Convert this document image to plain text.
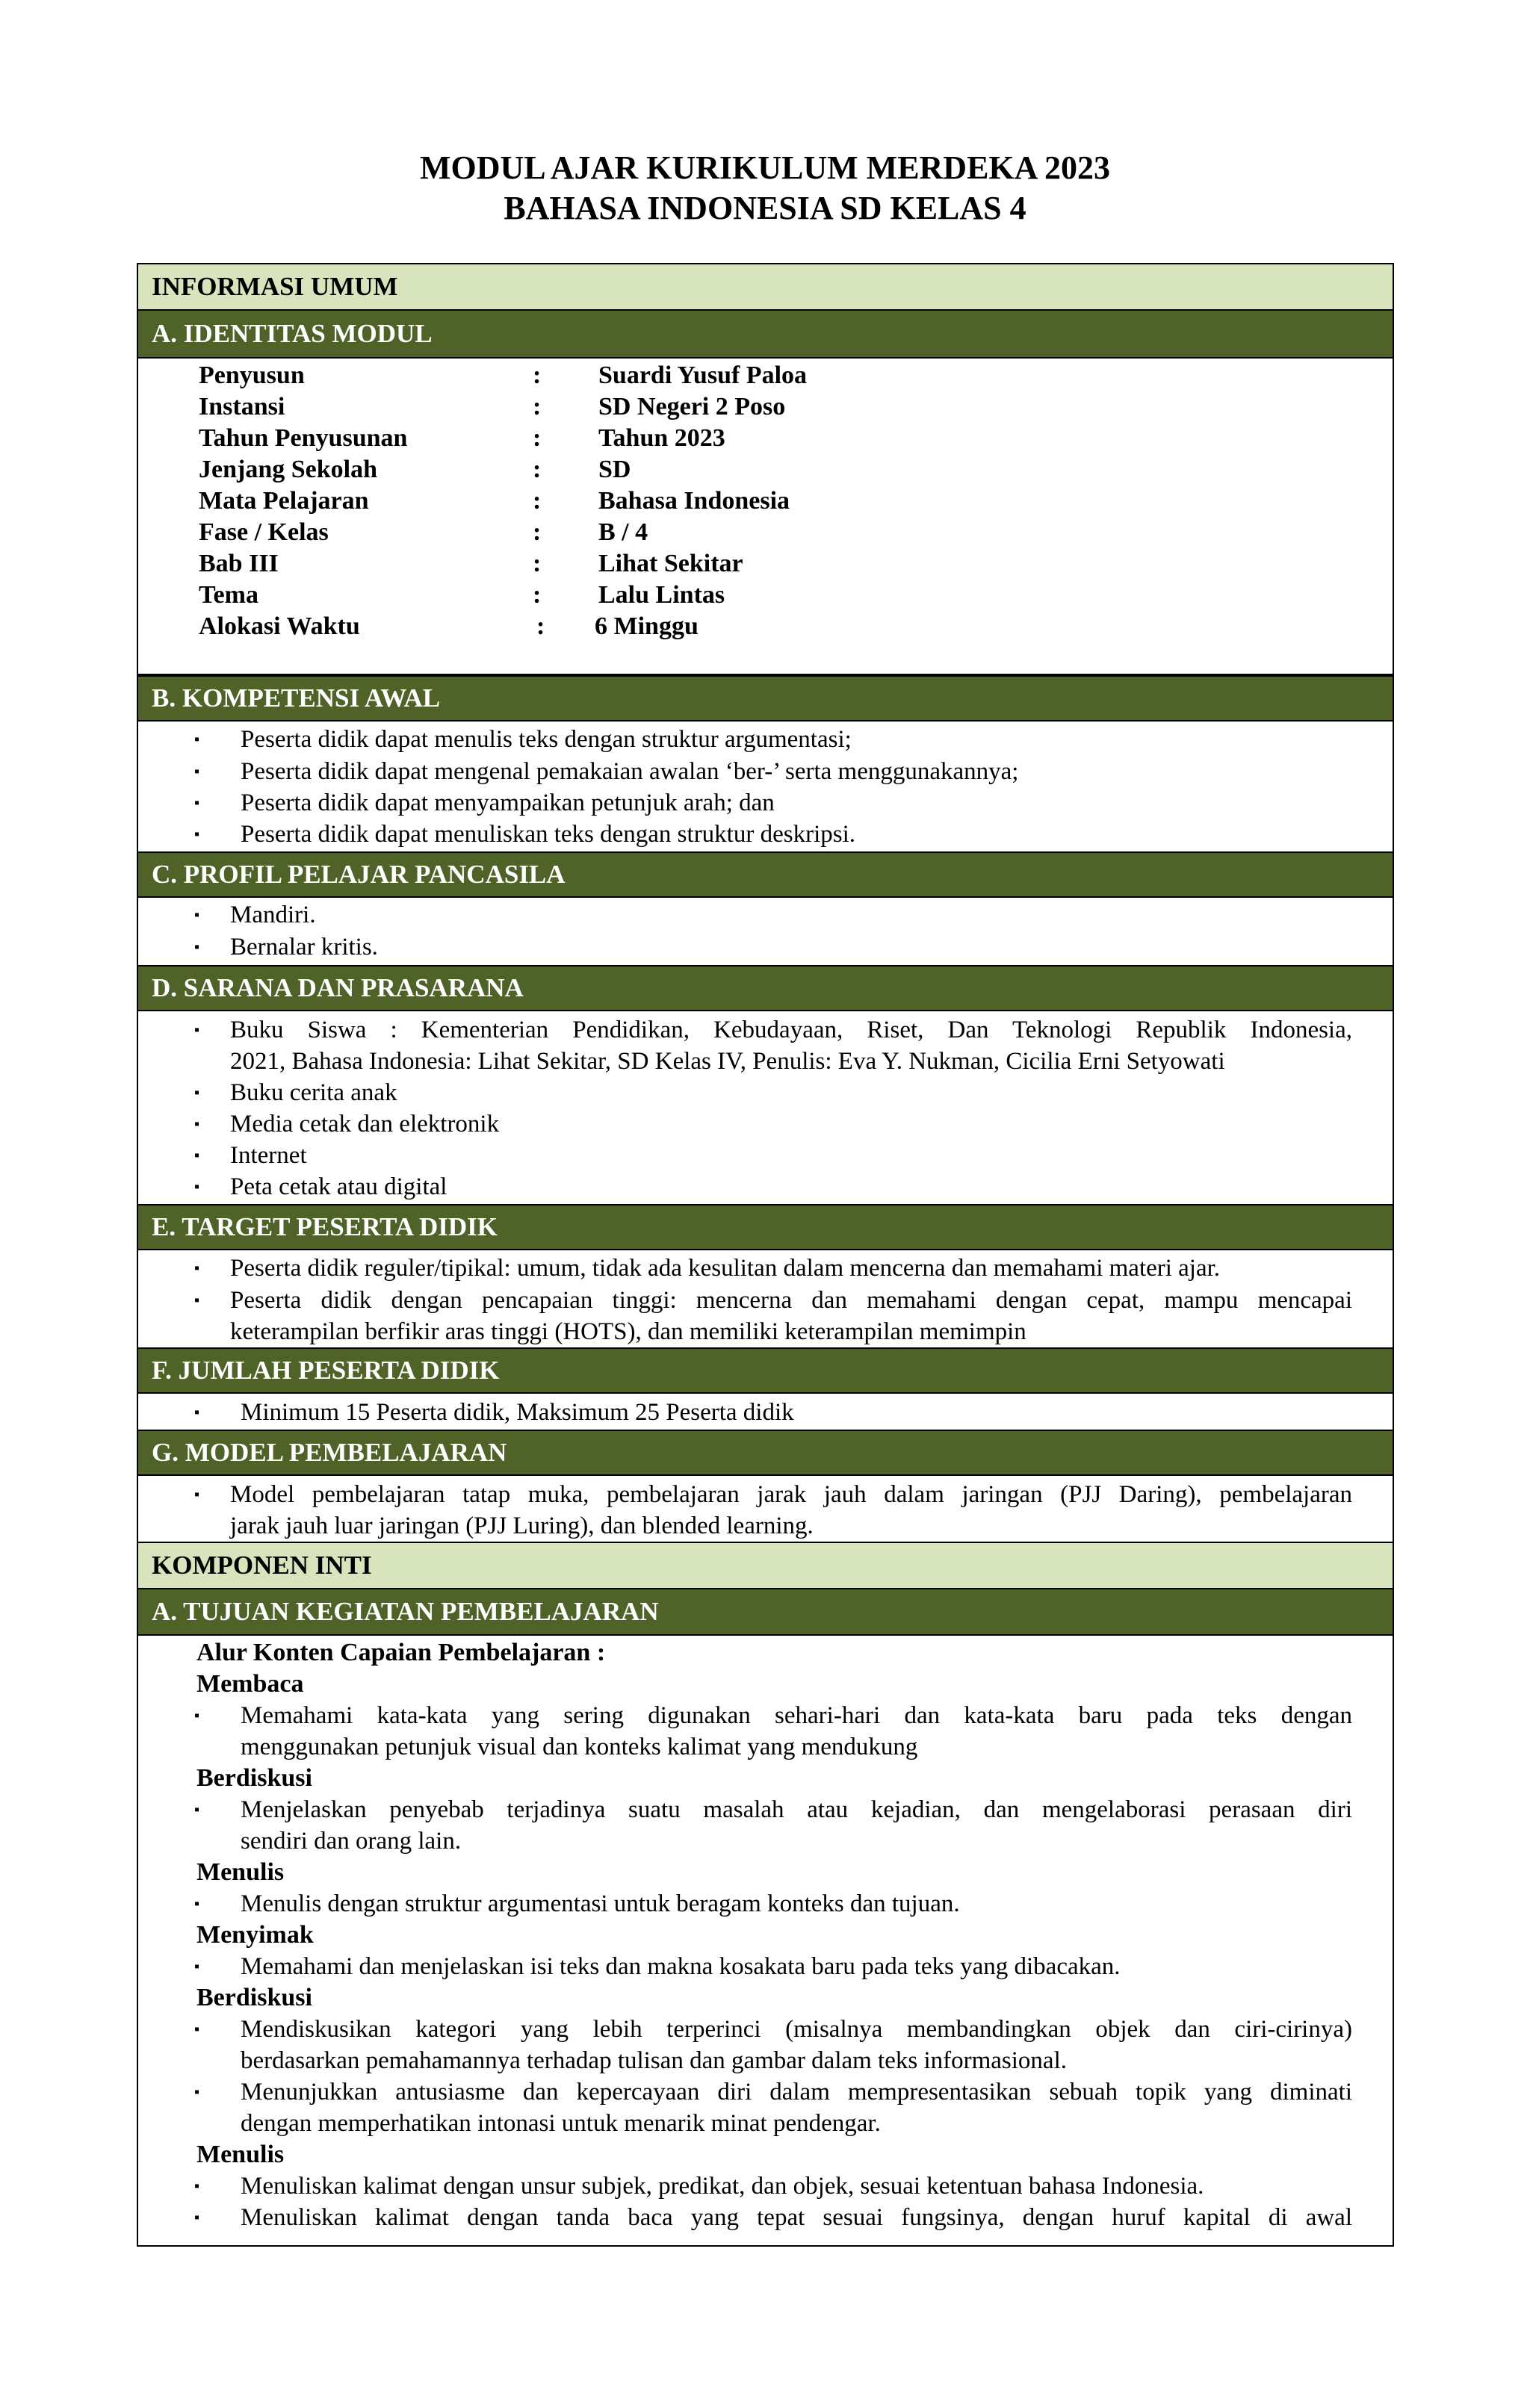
MODUL AJAR KURIKULUM MERDEKA 2023
BAHASA INDONESIA SD KELAS 4
INFORMASI UMUM
A. IDENTITAS MODUL
Penyusun	: Suardi Yusuf Paloa
Instansi	: SD Negeri 2 Poso
Tahun Penyusunan	: Tahun 2023
Jenjang Sekolah	: SD
Mata Pelajaran	: Bahasa Indonesia
Fase / Kelas	: B / 4
Bab III	: Lihat Sekitar
Tema	: Lalu Lintas
Alokasi Waktu	: 6 Minggu
B. KOMPETENSI AWAL
▪ Peserta didik dapat menulis teks dengan struktur argumentasi;
▪ Peserta didik dapat mengenal pemakaian awalan ‘ber-’ serta menggunakannya;
▪ Peserta didik dapat menyampaikan petunjuk arah; dan
▪ Peserta didik dapat menuliskan teks dengan struktur deskripsi.
C. PROFIL PELAJAR PANCASILA
▪ Mandiri.
▪ Bernalar kritis.
D. SARANA DAN PRASARANA
▪ Buku Siswa : Kementerian Pendidikan, Kebudayaan, Riset, Dan Teknologi Republik Indonesia,
2021, Bahasa Indonesia: Lihat Sekitar, SD Kelas IV, Penulis: Eva Y. Nukman, Cicilia Erni Setyowati
▪ Buku cerita anak
▪ Media cetak dan elektronik
▪ Internet
▪ Peta cetak atau digital
E. TARGET PESERTA DIDIK
▪ Peserta didik reguler/tipikal: umum, tidak ada kesulitan dalam mencerna dan memahami materi ajar.
▪ Peserta didik dengan pencapaian tinggi: mencerna dan memahami dengan cepat, mampu mencapai
keterampilan berfikir aras tinggi (HOTS), dan memiliki keterampilan memimpin
F. JUMLAH PESERTA DIDIK
▪ Minimum 15 Peserta didik, Maksimum 25 Peserta didik
G. MODEL PEMBELAJARAN
▪ Model pembelajaran tatap muka, pembelajaran jarak jauh dalam jaringan (PJJ Daring), pembelajaran
jarak jauh luar jaringan (PJJ Luring), dan blended learning.
KOMPONEN INTI
A. TUJUAN KEGIATAN PEMBELAJARAN
Alur Konten Capaian Pembelajaran :
Membaca
▪ Memahami kata-kata yang sering digunakan sehari-hari dan kata-kata baru pada teks dengan
menggunakan petunjuk visual dan konteks kalimat yang mendukung
Berdiskusi
▪ Menjelaskan penyebab terjadinya suatu masalah atau kejadian, dan mengelaborasi perasaan diri
sendiri dan orang lain.
Menulis
▪ Menulis dengan struktur argumentasi untuk beragam konteks dan tujuan.
Menyimak
▪ Memahami dan menjelaskan isi teks dan makna kosakata baru pada teks yang dibacakan.
Berdiskusi
▪ Mendiskusikan kategori yang lebih terperinci (misalnya membandingkan objek dan ciri-cirinya)
berdasarkan pemahamannya terhadap tulisan dan gambar dalam teks informasional.
▪ Menunjukkan antusiasme dan kepercayaan diri dalam mempresentasikan sebuah topik yang diminati
dengan memperhatikan intonasi untuk menarik minat pendengar.
Menulis
▪ Menuliskan kalimat dengan unsur subjek, predikat, dan objek, sesuai ketentuan bahasa Indonesia.
▪ Menuliskan kalimat dengan tanda baca yang tepat sesuai fungsinya, dengan huruf kapital di awal
